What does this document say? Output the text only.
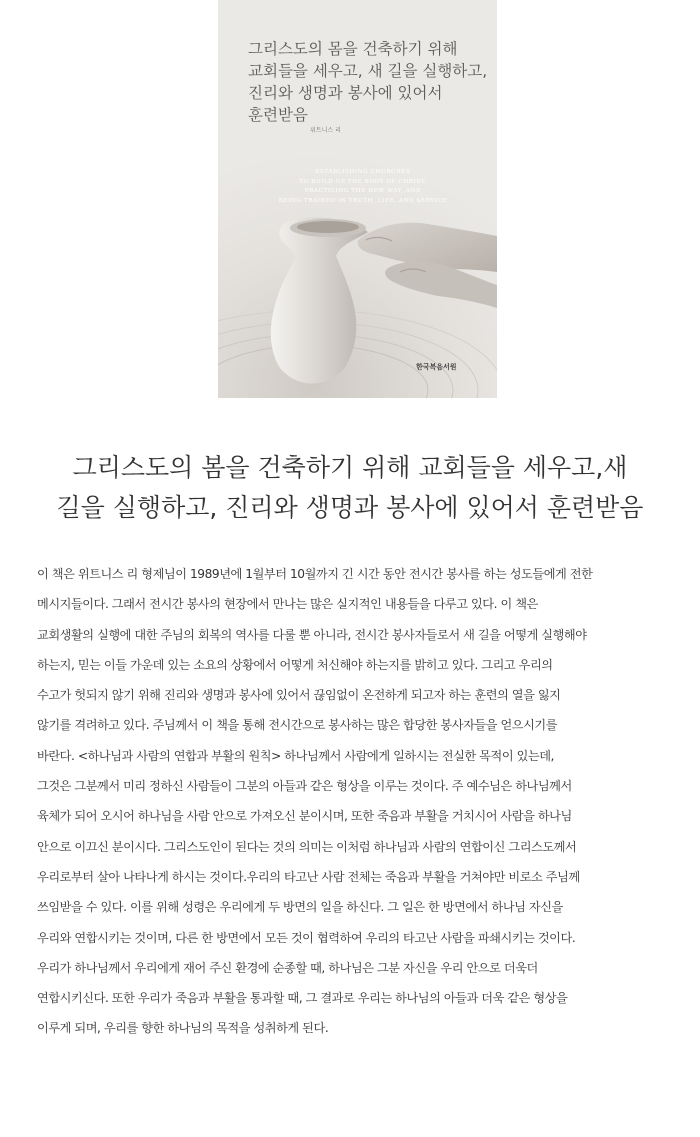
그리스도의 몸을 건축하기 위해
교회들을 세우고, 새 길을 실행하고,
진리와 생명과 봉사에 있어서
훈련받음
위트니스 리
ESTABLISHING CHURCHES
TO BUILD UP THE BODY OF CHRIST,
PRACTICING THE NEW WAY, AND
BEING TRAINED IN TRUTH, LIFE, AND SERVICE
한국복음서원
그리스도의 봄을 건축하기 위해 교회들을 세우고,새
길을 실행하고, 진리와 생명과 봉사에 있어서 훈련받음
이 책은 위트니스 리 형제님이 1989년에 1월부터 10월까지 긴 시간 동안 전시간 봉사를 하는 성도들에게 전한
메시지들이다. 그래서 전시간 봉사의 현장에서 만나는 많은 실지적인 내용들을 다루고 있다. 이 책은
교회생활의 실행에 대한 주님의 회복의 역사를 다룰 뿐 아니라, 전시간 봉사자들로서 새 길을 어떻게 실행해야
하는지, 믿는 이들 가운데 있는 소요의 상황에서 어떻게 처신해야 하는지를 밝히고 있다. 그리고 우리의
수고가 헛되지 않기 위해 진리와 생명과 봉사에 있어서 끊임없이 온전하게 되고자 하는 훈련의 열을 잃지
않기를 격려하고 있다. 주님께서 이 책을 통해 전시간으로 봉사하는 많은 합당한 봉사자들을 얻으시기를
바란다. <하나님과 사람의 연합과 부활의 원칙> 하나님께서 사람에게 일하시는 전실한 목적이 있는데,
그것은 그분께서 미리 정하신 사람들이 그분의 아들과 같은 형상을 이루는 것이다. 주 예수님은 하나님께서
육체가 되어 오시어 하나님을 사람 안으로 가져오신 분이시며, 또한 죽음과 부활을 거치시어 사람을 하나님
안으로 이끄신 분이시다. 그리스도인이 된다는 것의 의미는 이처럼 하나님과 사람의 연합이신 그리스도께서
우리로부터 살아 나타나게 하시는 것이다.우리의 타고난 사람 전체는 죽음과 부활을 거쳐야만 비로소 주님께
쓰임받을 수 있다. 이를 위해 성령은 우리에게 두 방면의 일을 하신다. 그 일은 한 방면에서 하나님 자신을
우리와 연합시키는 것이며, 다른 한 방면에서 모든 것이 협력하여 우리의 타고난 사람을 파쇄시키는 것이다.
우리가 하나님께서 우리에게 재어 주신 환경에 순종할 때, 하나님은 그분 자신을 우리 안으로 더욱더
연합시키신다. 또한 우리가 죽음과 부활을 통과할 때, 그 결과로 우리는 하나님의 아들과 더욱 같은 형상을
이루게 되며, 우리를 향한 하나님의 목적을 성취하게 된다.
